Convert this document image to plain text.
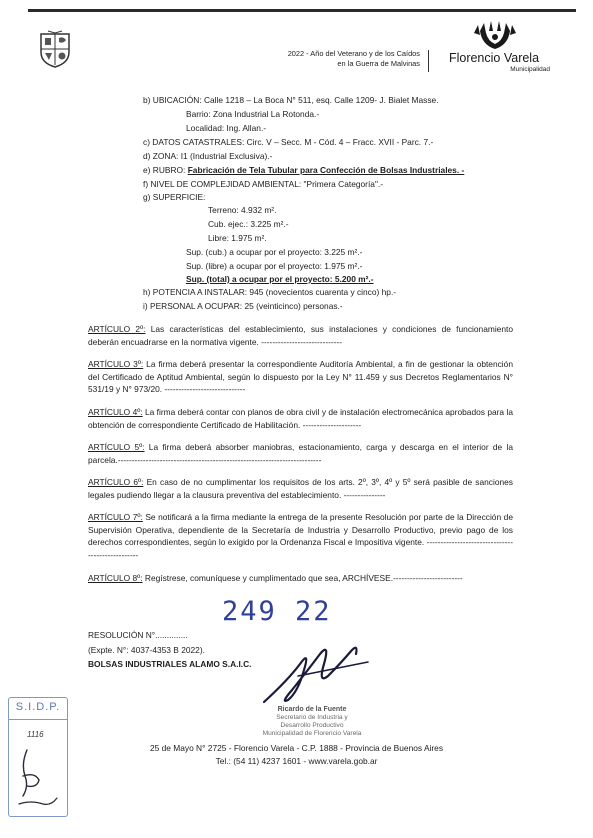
2022 - Año del Veterano y de los Caídos
en la Guerra de Malvinas	Florencio Varela
Municipalidad
b) UBICACIÓN: Calle 1218 – La Boca N° 511, esq. Calle 1209- J. Bialet Masse.
Barrio: Zona Industrial La Rotonda.-
Localidad: Ing. Allan.-
c) DATOS CATASTRALES: Circ. V – Secc. M - Cód. 4 – Fracc. XVII - Parc. 7.-
d) ZONA: I1 (Industrial Exclusiva).-
e) RUBRO: Fabricación de Tela Tubular para Confección de Bolsas Industriales. -
f) NIVEL DE COMPLEJIDAD AMBIENTAL: "Primera Categoría".-
g) SUPERFICIE:
Terreno: 4.932 m².
Cub. ejec.: 3.225 m².-
Libre: 1.975 m².
Sup. (cub.) a ocupar por el proyecto: 3.225 m².-
Sup. (libre) a ocupar por el proyecto: 1.975 m².-
Sup. (total) a ocupar por el proyecto: 5.200 m².-
h) POTENCIA A INSTALAR: 945 (novecientos cuarenta y cinco) hp.-
i) PERSONAL A OCUPAR: 25 (veinticinco) personas.-
ARTÍCULO 2º: Las características del establecimiento, sus instalaciones y condiciones de funcionamiento deberán encuadrarse en la normativa vigente. -----------------------------
ARTÍCULO 3º: La firma deberá presentar la correspondiente Auditoría Ambiental, a fin de gestionar la obtención del Certificado de Aptitud Ambiental, según lo dispuesto por la Ley N° 11.459 y sus Decretos Reglamentarios N° 531/19 y N° 973/20. -----------------------------
ARTÍCULO 4º: La firma deberá contar con planos de obra civil y de instalación electromecánica aprobados para la obtención de correspondiente Certificado de Habilitación. ---------------------
ARTÍCULO 5º: La firma deberá absorber maniobras, estacionamiento, carga y descarga en el interior de la parcela.-------------------------------------------------------------------------
ARTÍCULO 6º: En caso de no cumplimentar los requisitos de los arts. 2º, 3º, 4º y 5º será pasible de sanciones legales pudiendo llegar a la clausura preventiva del establecimiento. ---------------
ARTÍCULO 7º: Se notificará a la firma mediante la entrega de la presente Resolución por parte de la Dirección de Supervisión Operativa, dependiente de la Secretaría de Industria y Desarrollo Productivo, previo pago de los derechos correspondientes, según lo exigido por la Ordenanza Fiscal e Impositiva vigente. -------------------------------------------------
ARTÍCULO 8º: Regístrese, comuníquese y cumplimentado que sea, ARCHÍVESE.-------------------------
249 22
RESOLUCIÓN N°..............
(Expte. N°: 4037-4353 B 2022).
BOLSAS INDUSTRIALES ALAMO S.A.I.C.
Ricardo de la Fuente
Secretario de Industria y
Desarrollo Productivo
Municipalidad de Florencio Varela
S.I.D.P.
1116
25 de Mayo N° 2725 - Florencio Varela - C.P. 1888 - Provincia de Buenos Aires
Tel.: (54 11) 4237 1601 - www.varela.gob.ar
